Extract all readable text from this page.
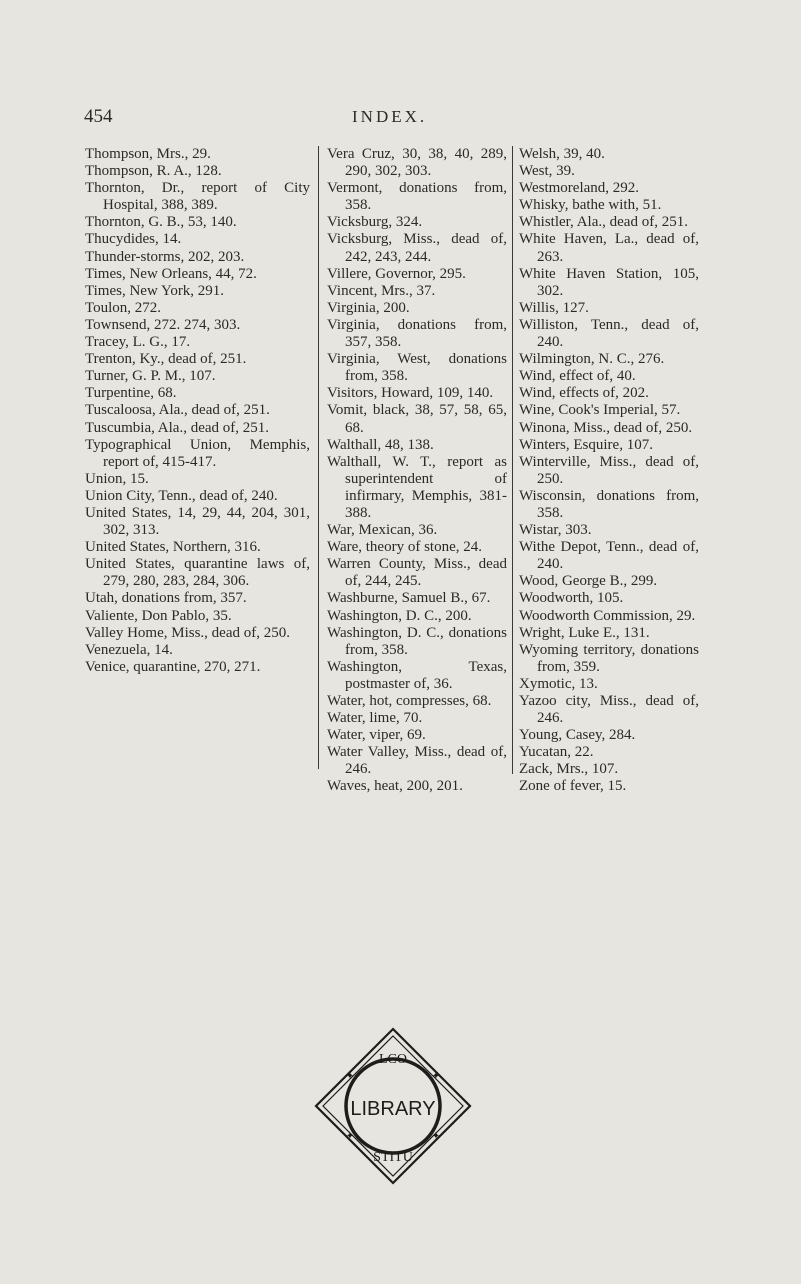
454	INDEX.

Thompson, Mrs., 29.

Thompson, R. A., 128.

Thornton, Dr., report of City Hospital, 388, 389.

Thornton, G. B., 53, 140.

Thucydides, 14.

Thunder-storms, 202, 203.

Times, New Orleans, 44, 72.

Times, New York, 291.

Toulon, 272.

Townsend, 272. 274, 303.

Tracey, L. G., 17.

Trenton, Ky., dead of, 251.

Turner, G. P. M., 107.

Turpentine, 68.

Tuscaloosa, Ala., dead of, 251.

Tuscumbia, Ala., dead of, 251.

Typographical Union, Memphis, report of, 415-417.

Union, 15.

Union City, Tenn., dead of, 240.

United States, 14, 29, 44, 204, 301, 302, 313.

United States, Northern, 316.

United States, quarantine laws of, 279, 280, 283, 284, 306.

Utah, donations from, 357.

Valiente, Don Pablo, 35.

Valley Home, Miss., dead of, 250.

Venezuela, 14.

Venice, quarantine, 270, 271.

Vera Cruz, 30, 38, 40, 289, 290, 302, 303.

Vermont, donations from, 358.

Vicksburg, 324.

Vicksburg, Miss., dead of, 242, 243, 244.

Villere, Governor, 295.

Vincent, Mrs., 37.

Virginia, 200.

Virginia, donations from, 357, 358.

Virginia, West, donations from, 358.

Visitors, Howard, 109, 140.

Vomit, black, 38, 57, 58, 65, 68.

Walthall, 48, 138.

Walthall, W. T., report as superintendent of infirmary, Memphis, 381-388.

War, Mexican, 36.

Ware, theory of stone, 24.

Warren County, Miss., dead of, 244, 245.

Washburne, Samuel B., 67.

Washington, D. C., 200.

Washington, D. C., donations from, 358.

Washington, Texas, postmaster of, 36.

Water, hot, compresses, 68.

Water, lime, 70.

Water, viper, 69.

Water Valley, Miss., dead of, 246.

Waves, heat, 200, 201.

Welsh, 39, 40.

West, 39.

Westmoreland, 292.

Whisky, bathe with, 51.

Whistler, Ala., dead of, 251.

White Haven, La., dead of, 263.

White Haven Station, 105, 302.

Willis, 127.

Williston, Tenn., dead of, 240.

Wilmington, N. C., 276.

Wind, effect of, 40.

Wind, effects of, 202.

Wine, Cook's Imperial, 57.

Winona, Miss., dead of, 250.

Winters, Esquire, 107.

Winterville, Miss., dead of, 250.

Wisconsin, donations from, 358.

Wistar, 303.

Withe Depot, Tenn., dead of, 240.

Wood, George B., 299.

Woodworth, 105.

Woodworth Commission, 29.

Wright, Luke E., 131.

Wyoming territory, donations from, 359.

Xymotic, 13.

Yazoo city, Miss., dead of, 246.

Young, Casey, 284.

Yucatan, 22.

Zack, Mrs., 107.

Zone of fever, 15.

LCO
LIBRARY
STITU
✦	✦
✦	✦
